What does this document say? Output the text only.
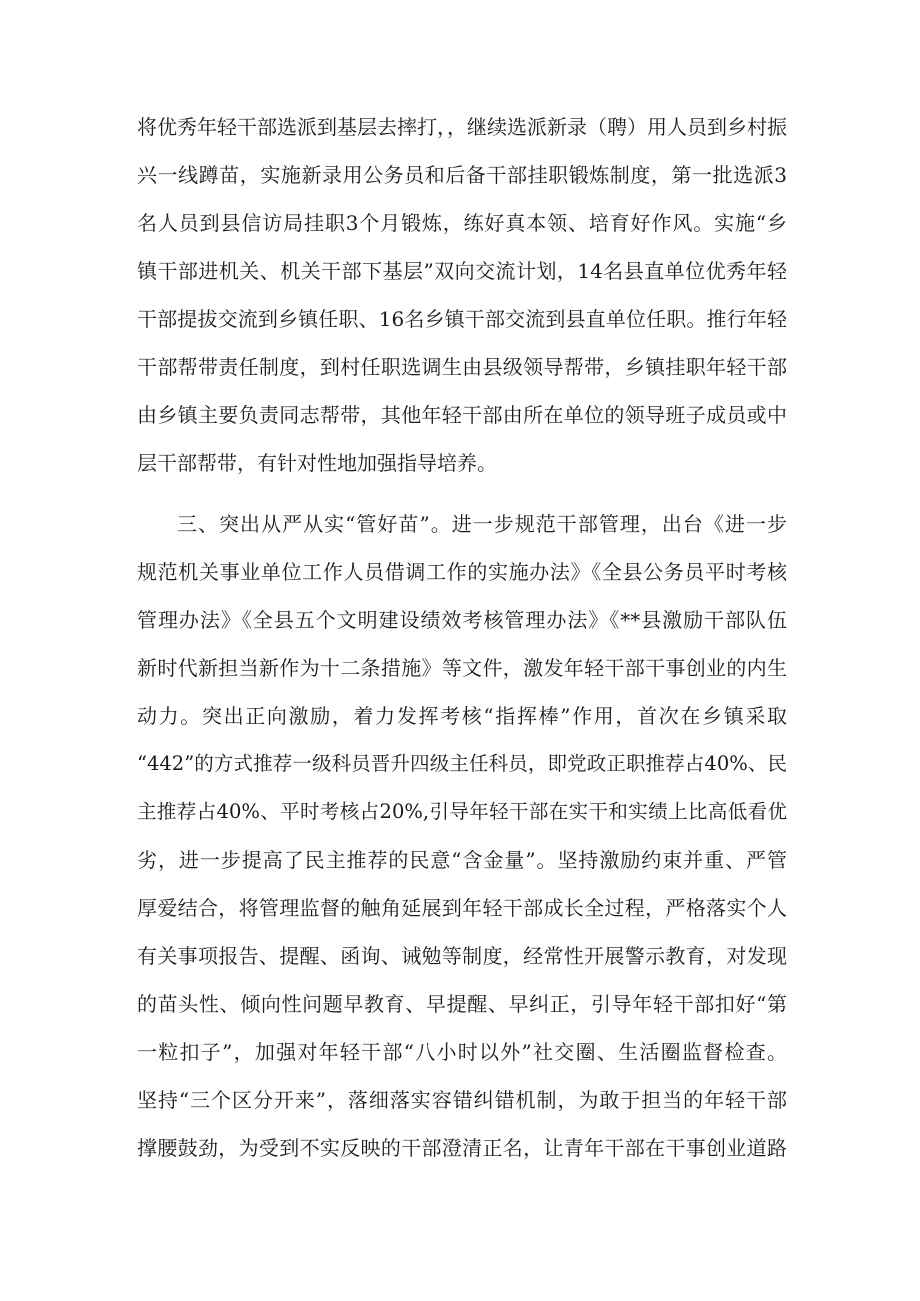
将优秀年轻干部选派到基层去摔打，，继续选派新录（聘）用人员到乡村振

兴一线蹲苗，实施新录用公务员和后备干部挂职锻炼制度，第一批选派3

名人员到县信访局挂职3个月锻炼，练好真本领、培育好作风。实施“乡

镇干部进机关、机关干部下基层”双向交流计划，14名县直单位优秀年轻

干部提拔交流到乡镇任职、16名乡镇干部交流到县直单位任职。推行年轻

干部帮带责任制度，到村任职选调生由县级领导帮带，乡镇挂职年轻干部

由乡镇主要负责同志帮带，其他年轻干部由所在单位的领导班子成员或中

层干部帮带，有针对性地加强指导培养。

三、突出从严从实“管好苗”。进一步规范干部管理，出台《进一步

规范机关事业单位工作人员借调工作的实施办法》《全县公务员平时考核

管理办法》《全县五个文明建设绩效考核管理办法》《**县激励干部队伍

新时代新担当新作为十二条措施》等文件，激发年轻干部干事创业的内生

动力。突出正向激励，着力发挥考核“指挥棒”作用，首次在乡镇采取

“442”的方式推荐一级科员晋升四级主任科员，即党政正职推荐占40%、民

主推荐占40%、平时考核占20%,引导年轻干部在实干和实绩上比高低看优

劣，进一步提高了民主推荐的民意“含金量”。坚持激励约束并重、严管

厚爱结合，将管理监督的触角延展到年轻干部成长全过程，严格落实个人

有关事项报告、提醒、函询、诫勉等制度，经常性开展警示教育，对发现

的苗头性、倾向性问题早教育、早提醒、早纠正，引导年轻干部扣好“第

一粒扣子”，加强对年轻干部“八小时以外”社交圈、生活圈监督检查。

坚持“三个区分开来”，落细落实容错纠错机制，为敢于担当的年轻干部

撑腰鼓劲，为受到不实反映的干部澄清正名，让青年干部在干事创业道路
